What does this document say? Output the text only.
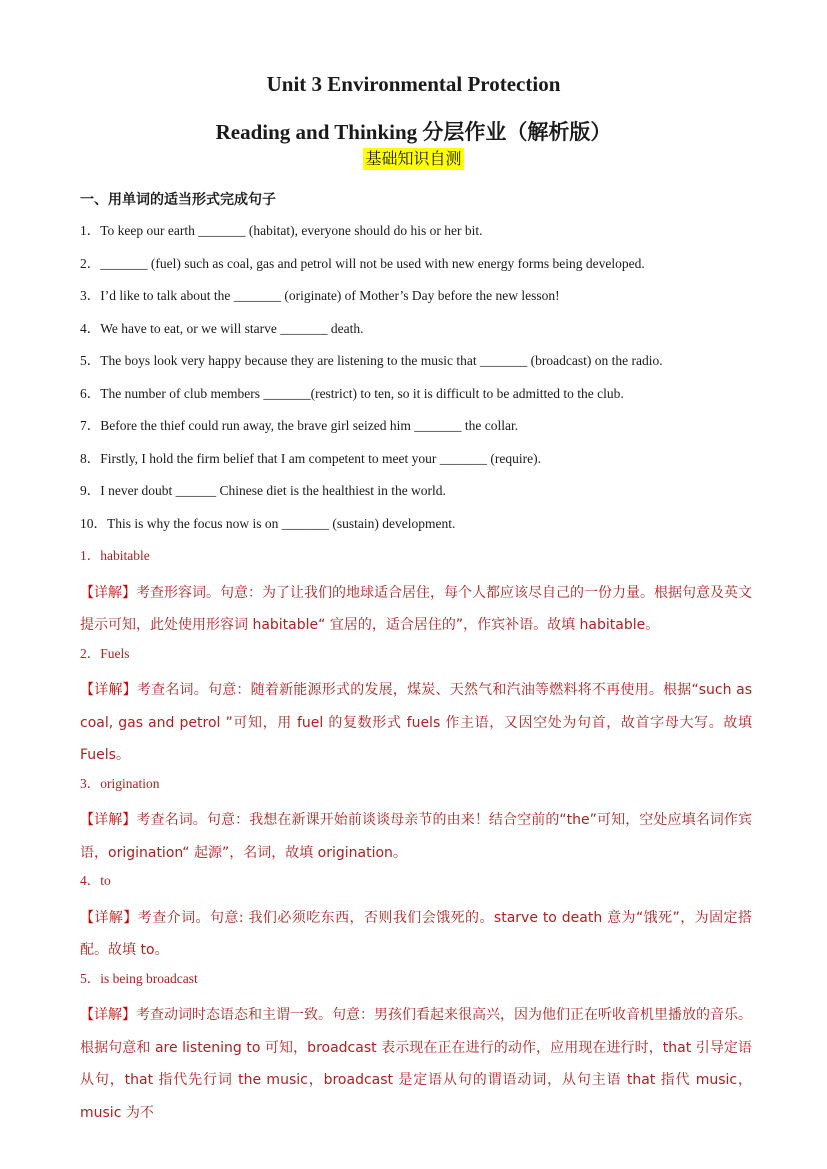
Unit 3 Environmental Protection
Reading and Thinking 分层作业（解析版）
基础知识自测
一、用单词的适当形式完成句子
1．To keep our earth _______ (habitat), everyone should do his or her bit.
2．_______ (fuel) such as coal, gas and petrol will not be used with new energy forms being developed.
3．I’d like to talk about the _______ (originate) of Mother’s Day before the new lesson!
4．We have to eat, or we will starve _______ death.
5．The boys look very happy because they are listening to the music that _______ (broadcast) on the radio.
6．The number of club members _______(restrict) to ten, so it is difficult to be admitted to the club.
7．Before the thief could run away, the brave girl seized him _______ the collar.
8．Firstly, I hold the firm belief that I am competent to meet your _______ (require).
9．I never doubt ______ Chinese diet is the healthiest in the world.
10．This is why the focus now is on _______ (sustain) development.

1．habitable

【详解】考查形容词。句意：为了让我们的地球适合居住，每个人都应该尽自己的一份力量。根据句意及英文提示可知，此处使用形容词 habitable“ 宜居的，适合居住的”，作宾补语。故填 habitable。

2．Fuels

【详解】考查名词。句意：随着新能源形式的发展，煤炭、天然气和汽油等燃料将不再使用。根据“such as coal, gas and petrol ”可知，用 fuel 的复数形式 fuels 作主语，又因空处为句首，故首字母大写。故填 Fuels。

3．origination

【详解】考查名词。句意：我想在新课开始前谈谈母亲节的由来！结合空前的“the”可知，空处应填名词作宾语，origination“ 起源”，名词，故填 origination。

4．to

【详解】考查介词。句意: 我们必须吃东西，否则我们会饿死的。starve to death 意为“饿死”，为固定搭配。故填 to。

5．is being broadcast

【详解】考查动词时态语态和主谓一致。句意：男孩们看起来很高兴，因为他们正在听收音机里播放的音乐。根据句意和 are listening to 可知，broadcast 表示现在正在进行的动作，应用现在进行时，that 引导定语从句，that 指代先行词 the music，broadcast 是定语从句的谓语动词，从句主语 that 指代 music，music 为不
